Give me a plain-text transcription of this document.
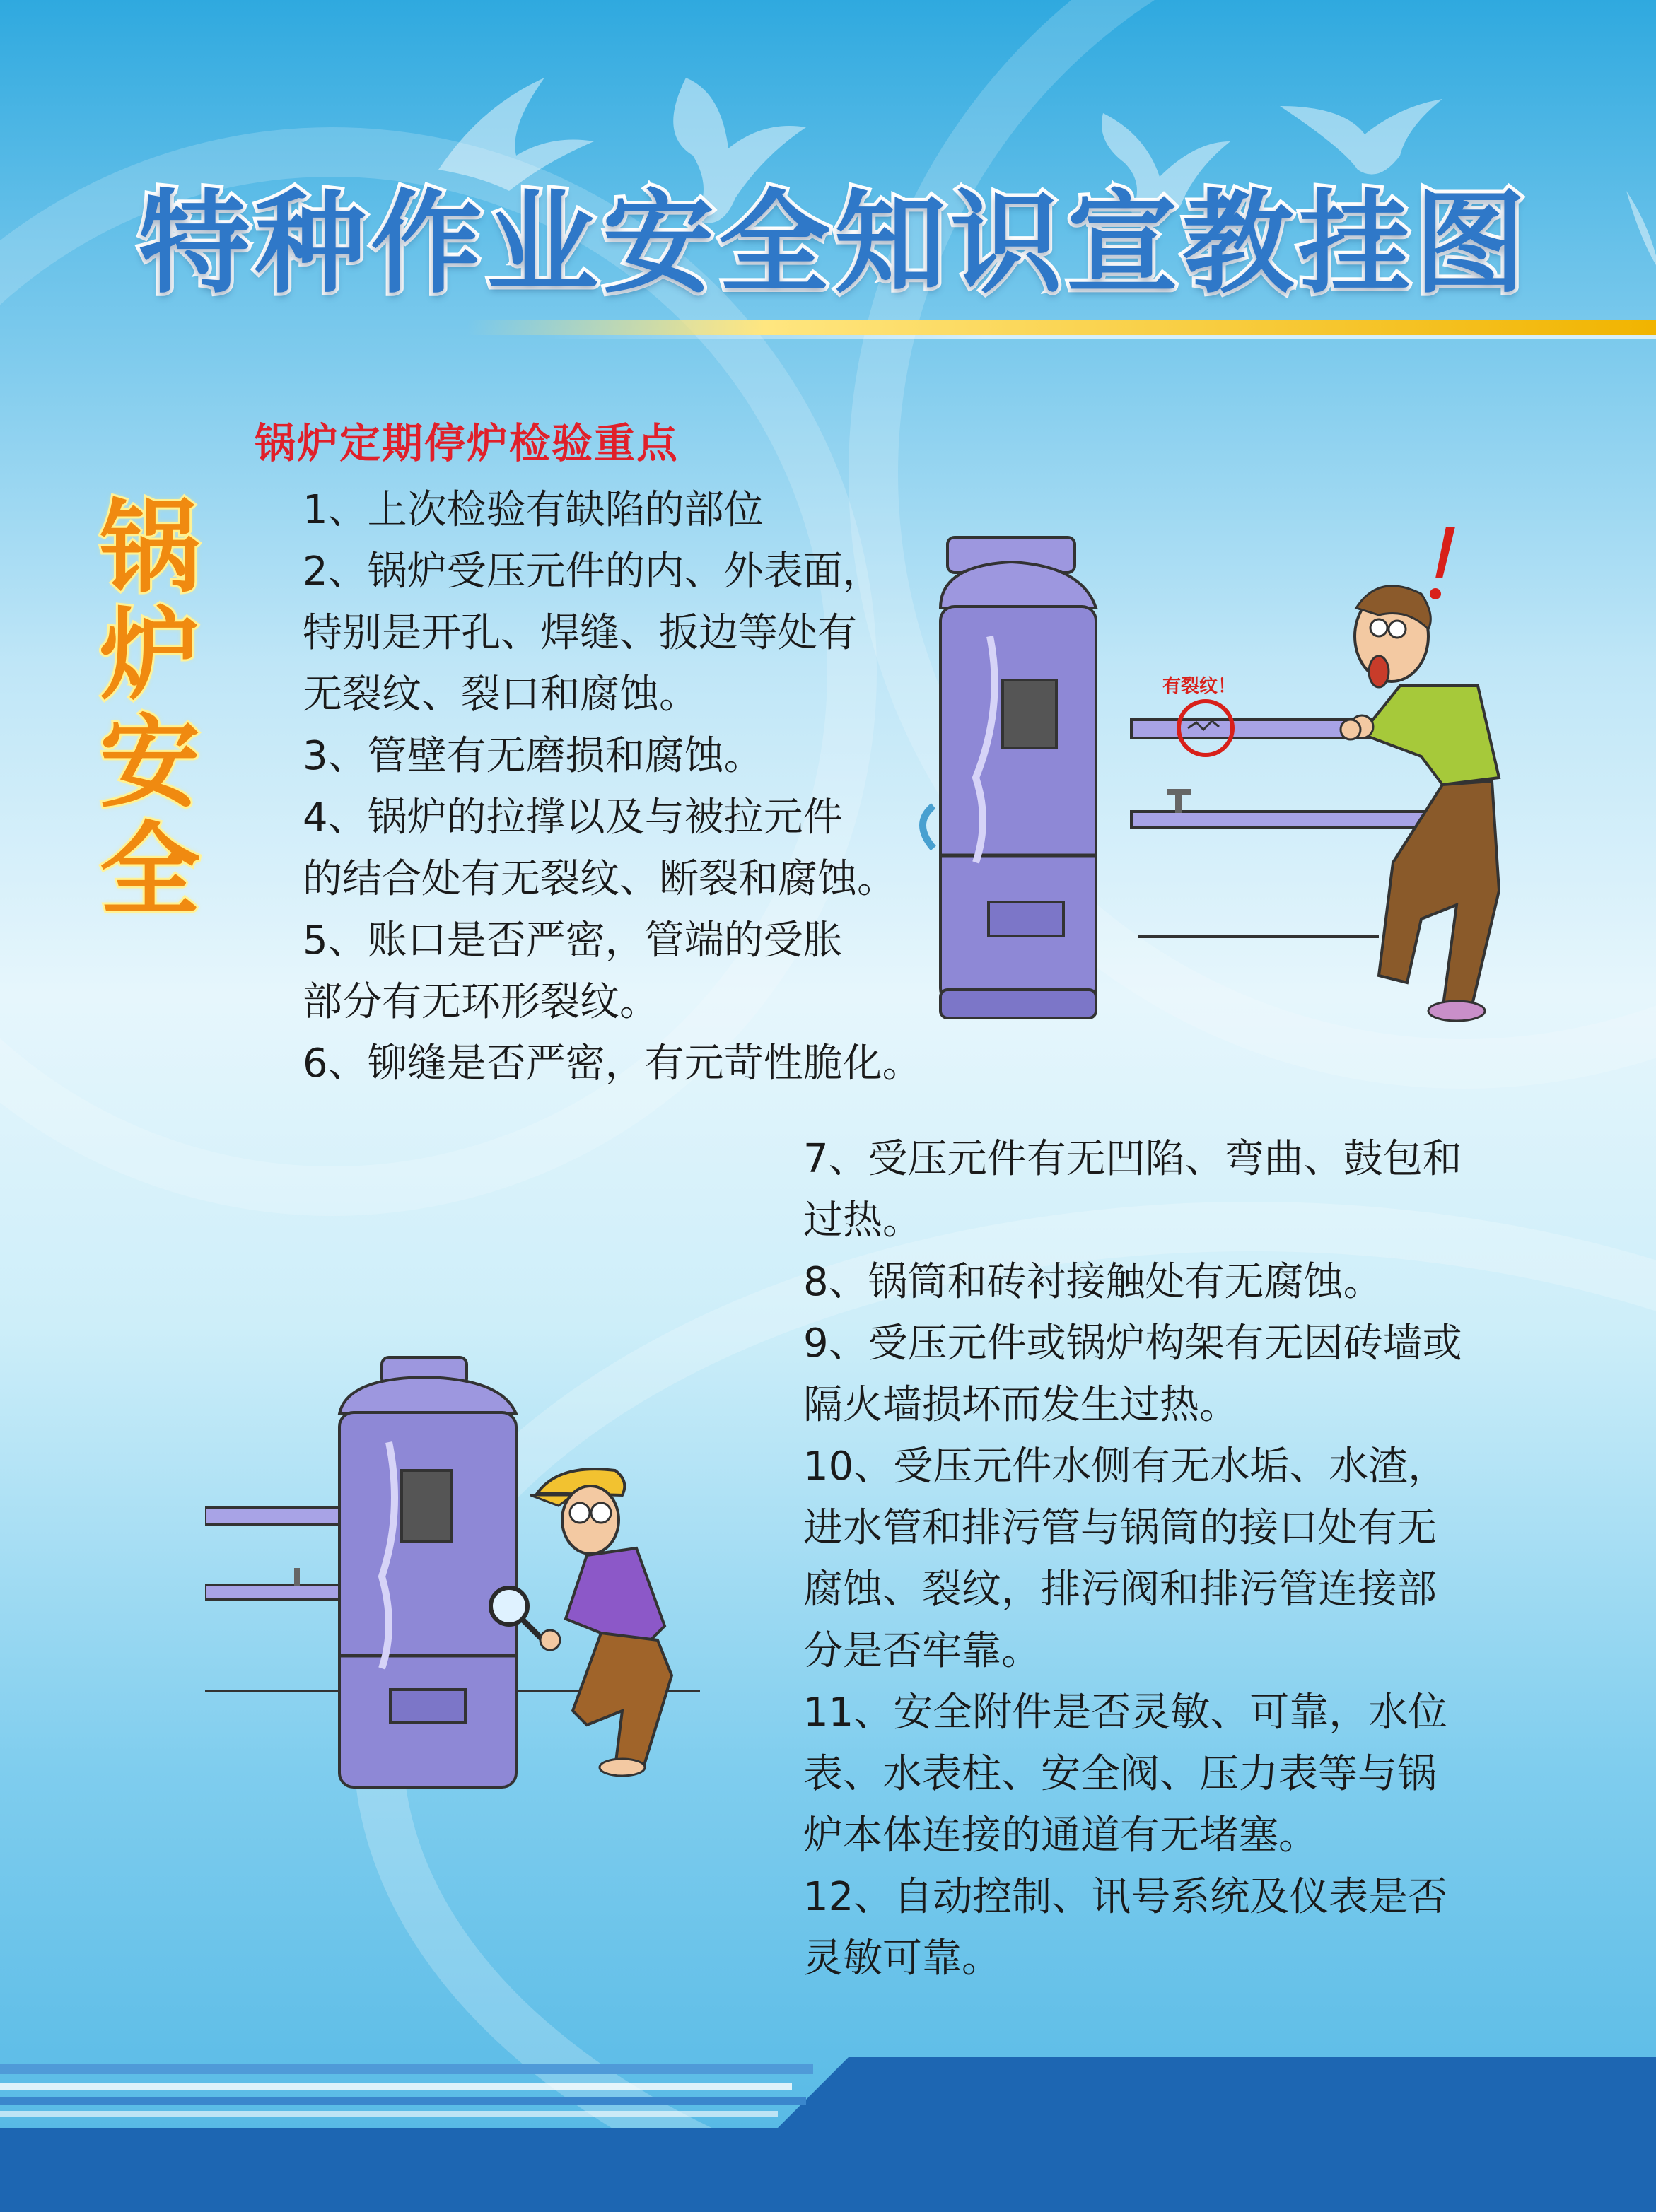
特种作业安全知识宣教挂图
锅炉定期停炉检验重点
锅
炉
安
全
1、上次检验有缺陷的部位
2、锅炉受压元件的内、外表面，
特别是开孔、焊缝、扳边等处有
无裂纹、裂口和腐蚀。
3、管壁有无磨损和腐蚀。
4、锅炉的拉撑以及与被拉元件
的结合处有无裂纹、断裂和腐蚀。
5、账口是否严密，管端的受胀
部分有无环形裂纹。
6、铆缝是否严密，有元苛性脆化。
有裂纹！
7、受压元件有无凹陷、弯曲、鼓包和
过热。
8、锅筒和砖衬接触处有无腐蚀。
9、受压元件或锅炉构架有无因砖墙或
隔火墙损坏而发生过热。
10、受压元件水侧有无水垢、水渣，
进水管和排污管与锅筒的接口处有无
腐蚀、裂纹，排污阀和排污管连接部
分是否牢靠。
11、安全附件是否灵敏、可靠，水位
表、水表柱、安全阀、压力表等与锅
炉本体连接的通道有无堵塞。
12、自动控制、讯号系统及仪表是否
灵敏可靠。
